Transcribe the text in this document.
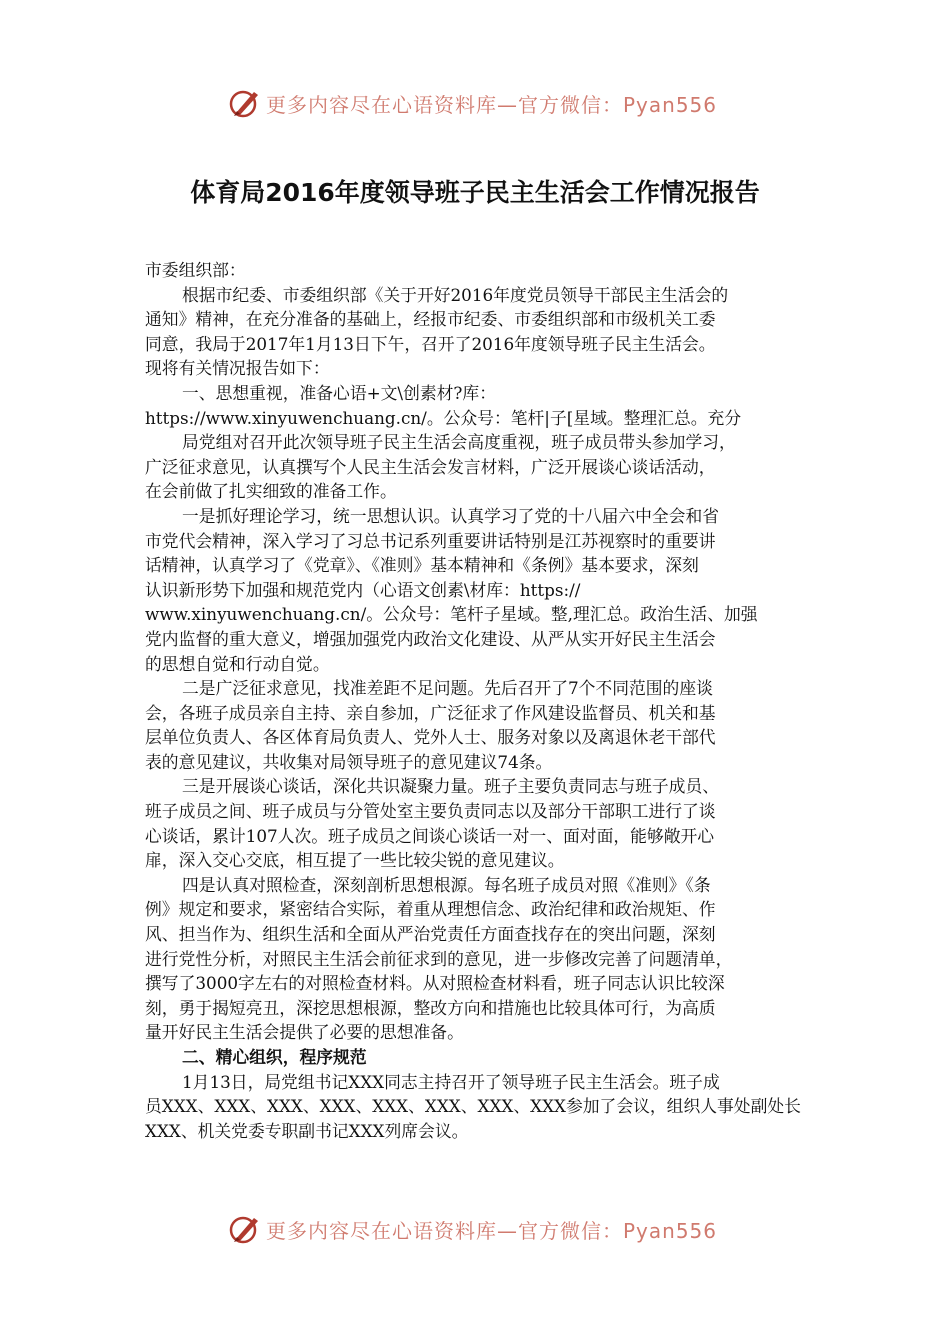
更多内容尽在心语资料库—官方微信：Pyan556
体育局2016年度领导班子民主生活会工作情况报告
市委组织部：
根据市纪委、市委组织部《关于开好2016年度党员领导干部民主生活会的
通知》精神，在充分准备的基础上，经报市纪委、市委组织部和市级机关工委
同意，我局于2017年1月13日下午，召开了2016年度领导班子民主生活会。
现将有关情况报告如下：
一、思想重视，准备心语+文\创素材?库：
https://www.xinyuwenchuang.cn/。公众号：笔杆|子[星域。整理汇总。充分
局党组对召开此次领导班子民主生活会高度重视，班子成员带头参加学习，
广泛征求意见，认真撰写个人民主生活会发言材料，广泛开展谈心谈话活动，
在会前做了扎实细致的准备工作。
一是抓好理论学习，统一思想认识。认真学习了党的十八届六中全会和省
市党代会精神，深入学习了习总书记系列重要讲话特别是江苏视察时的重要讲
话精神，认真学习了《党章》、《准则》基本精神和《条例》基本要求，深刻
认识新形势下加强和规范党内（心语文创素\材库：https://
www.xinyuwenchuang.cn/。公众号：笔杆子星域。整,理汇总。政治生活、加强
党内监督的重大意义，增强加强党内政治文化建设、从严从实开好民主生活会
的思想自觉和行动自觉。
二是广泛征求意见，找准差距不足问题。先后召开了7个不同范围的座谈
会，各班子成员亲自主持、亲自参加，广泛征求了作风建设监督员、机关和基
层单位负责人、各区体育局负责人、党外人士、服务对象以及离退休老干部代
表的意见建议，共收集对局领导班子的意见建议74条。
三是开展谈心谈话，深化共识凝聚力量。班子主要负责同志与班子成员、
班子成员之间、班子成员与分管处室主要负责同志以及部分干部职工进行了谈
心谈话，累计107人次。班子成员之间谈心谈话一对一、面对面，能够敞开心
扉，深入交心交底，相互提了一些比较尖锐的意见建议。
四是认真对照检查，深刻剖析思想根源。每名班子成员对照《准则》《条
例》规定和要求，紧密结合实际，着重从理想信念、政治纪律和政治规矩、作
风、担当作为、组织生活和全面从严治党责任方面查找存在的突出问题，深刻
进行党性分析，对照民主生活会前征求到的意见，进一步修改完善了问题清单，
撰写了3000字左右的对照检查材料。从对照检查材料看，班子同志认识比较深
刻，勇于揭短亮丑，深挖思想根源，整改方向和措施也比较具体可行，为高质
量开好民主生活会提供了必要的思想准备。
二、精心组织，程序规范
1月13日，局党组书记XXX同志主持召开了领导班子民主生活会。班子成
员XXX、XXX、XXX、XXX、XXX、XXX、XXX、XXX参加了会议，组织人事处副处长
XXX、机关党委专职副书记XXX列席会议。
更多内容尽在心语资料库—官方微信：Pyan556
